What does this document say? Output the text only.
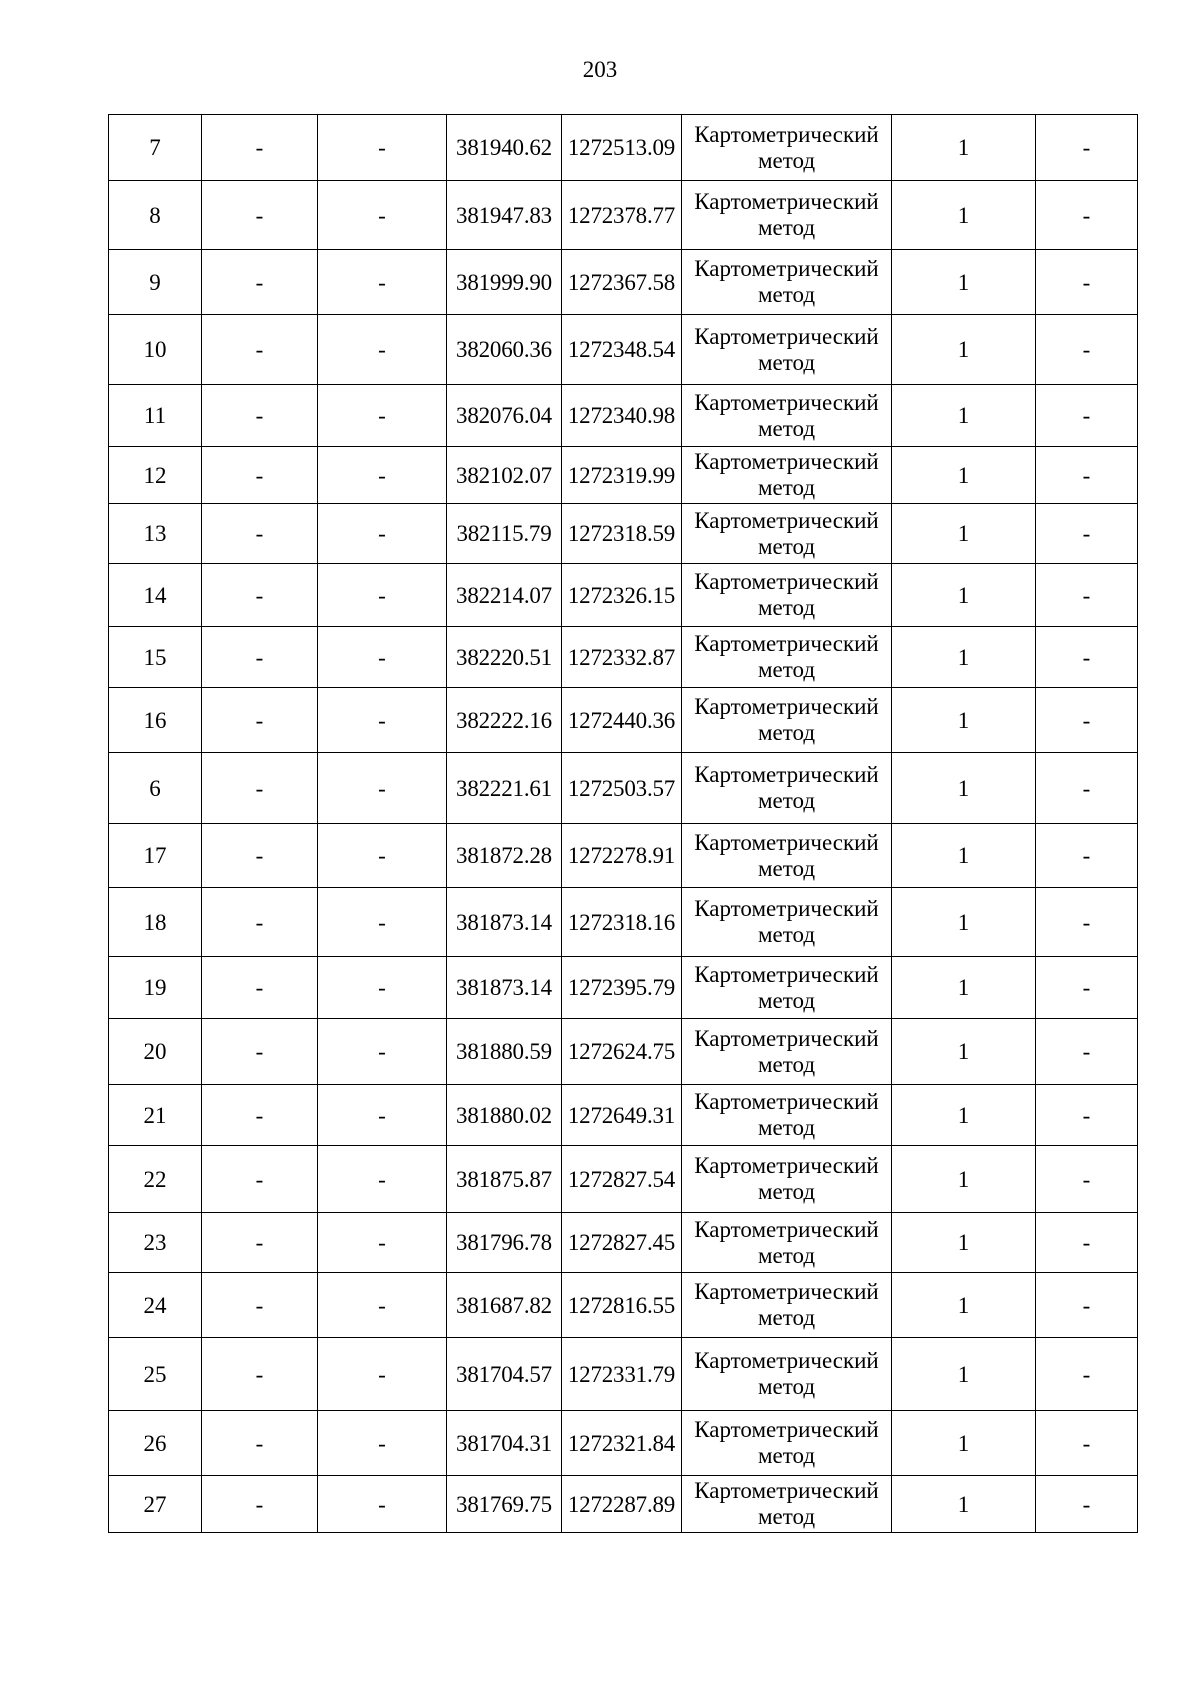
203
7	-	-	381940.62	1272513.09	Картометрический
метод	1	-
8	-	-	381947.83	1272378.77	Картометрический
метод	1	-
9	-	-	381999.90	1272367.58	Картометрический
метод	1	-
10	-	-	382060.36	1272348.54	Картометрический
метод	1	-
11	-	-	382076.04	1272340.98	Картометрический
метод	1	-
12	-	-	382102.07	1272319.99	Картометрический
метод	1	-
13	-	-	382115.79	1272318.59	Картометрический
метод	1	-
14	-	-	382214.07	1272326.15	Картометрический
метод	1	-
15	-	-	382220.51	1272332.87	Картометрический
метод	1	-
16	-	-	382222.16	1272440.36	Картометрический
метод	1	-
6	-	-	382221.61	1272503.57	Картометрический
метод	1	-
17	-	-	381872.28	1272278.91	Картометрический
метод	1	-
18	-	-	381873.14	1272318.16	Картометрический
метод	1	-
19	-	-	381873.14	1272395.79	Картометрический
метод	1	-
20	-	-	381880.59	1272624.75	Картометрический
метод	1	-
21	-	-	381880.02	1272649.31	Картометрический
метод	1	-
22	-	-	381875.87	1272827.54	Картометрический
метод	1	-
23	-	-	381796.78	1272827.45	Картометрический
метод	1	-
24	-	-	381687.82	1272816.55	Картометрический
метод	1	-
25	-	-	381704.57	1272331.79	Картометрический
метод	1	-
26	-	-	381704.31	1272321.84	Картометрический
метод	1	-
27	-	-	381769.75	1272287.89	Картометрический
метод	1	-
